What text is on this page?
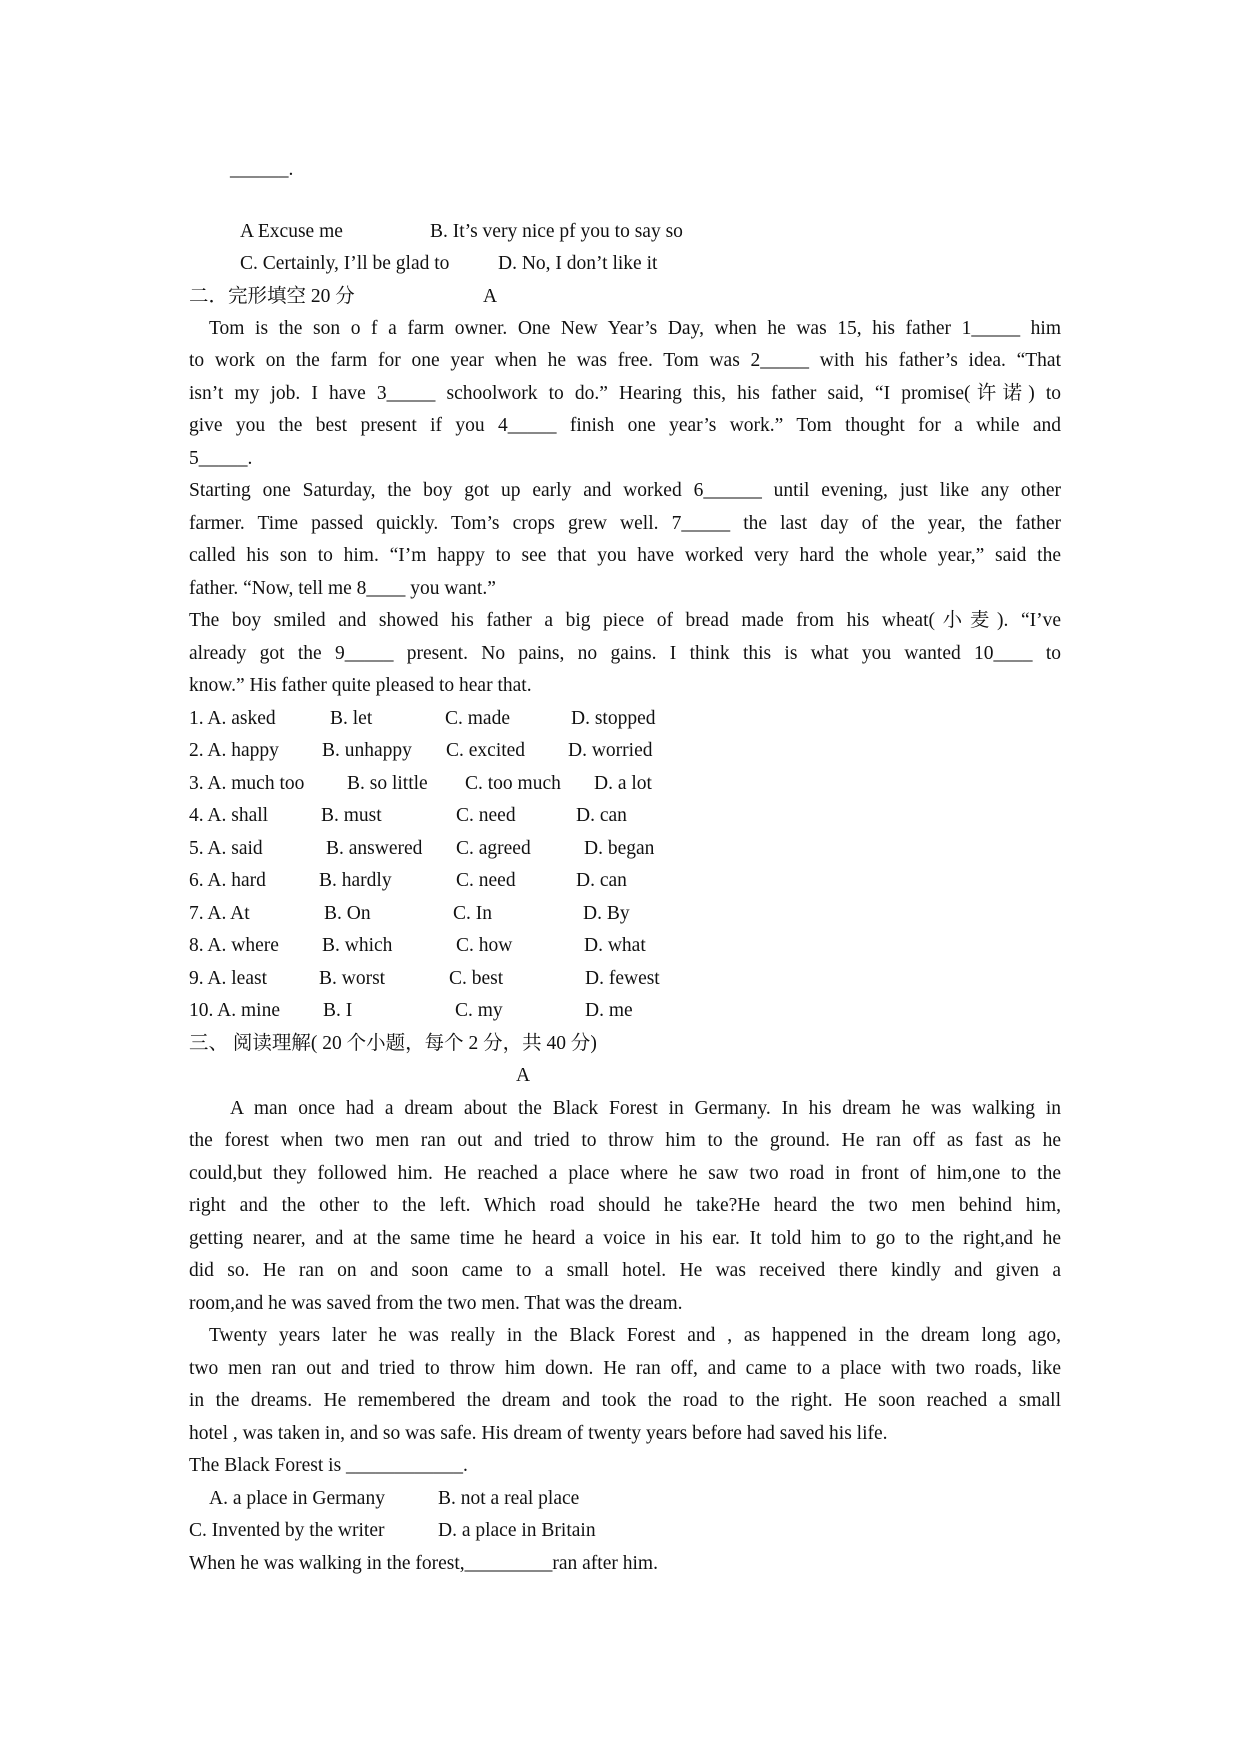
______.
A Excuse me	B. It’s very nice pf you to say so
C. Certainly, I’ll be glad to D. No, I don’t like it
二．完形填空 20 分	A
Tom is the son o f a farm owner. One New Year’s Day, when he was 15, his father 1_____ him
to work on the farm for one year when he was free. Tom was 2_____ with his father’s idea. “That
isn’t my job. I have 3_____ schoolwork to do.” Hearing this, his father said, “I promise(许诺) to
give you the best present if you 4_____ finish one year’s work.” Tom thought for a while and
5_____.
Starting one Saturday, the boy got up early and worked 6______ until evening, just like any other
farmer. Time passed quickly. Tom’s crops grew well. 7_____ the last day of the year, the father
called his son to him. “I’m happy to see that you have worked very hard the whole year,” said the
father. “Now, tell me 8____ you want.”
The boy smiled and showed his father a big piece of bread made from his wheat(小麦). “I’ve
already got the 9_____ present. No pains, no gains. I think this is what you wanted 10____ to
know.” His father quite pleased to hear that.
1. A. asked	B. let	C. made	D. stopped
2. A. happy B. unhappy C. excited D. worried
3. A. much too B. so little C. too much D. a lot
4. A. shall	B. must	C. need	D. can
5. A. said	B. answered C. agreed	D. began
6. A. hard	B. hardly	C. need	D. can
7. A. At	B. On	C. In	D. By
8. A. where B. which	C. how	D. what
9. A. least	B. worst	C. best	D. fewest
10. A. mine B. I	C. my	D. me
三、 阅读理解( 20 个小题，每个 2 分，共 40 分)
A
A man once had a dream about the Black Forest in Germany. In his dream he was walking in
the forest when two men ran out and tried to throw him to the ground. He ran off as fast as he
could,but they followed him. He reached a place where he saw two road in front of him,one to the
right and the other to the left. Which road should he take?He heard the two men behind him,
getting nearer, and at the same time he heard a voice in his ear. It told him to go to the right,and he
did so. He ran on and soon came to a small hotel. He was received there kindly and given a
room,and he was saved from the two men. That was the dream.
Twenty years later he was really in the Black Forest and , as happened in the dream long ago,
two men ran out and tried to throw him down. He ran off, and came to a place with two roads, like
in the dreams. He remembered the dream and took the road to the right. He soon reached a small
hotel , was taken in, and so was safe. His dream of twenty years before had saved his life.
The Black Forest is ____________.
A. a place in Germany	B. not a real place
C. Invented by the writer	D. a place in Britain
When he was walking in the forest,_________ran after him.
